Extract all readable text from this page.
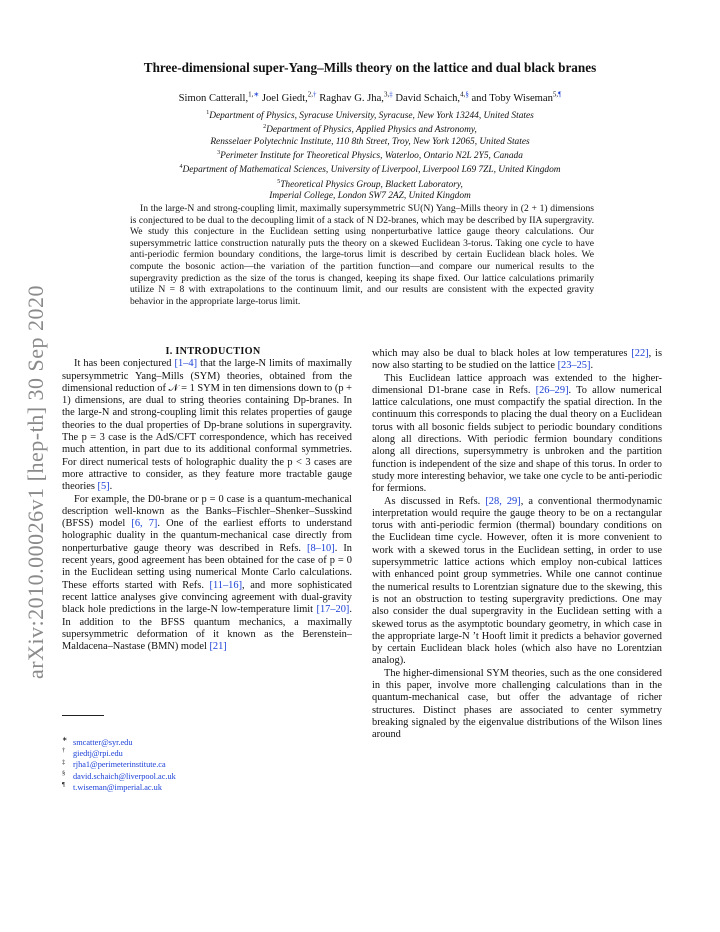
arXiv:2010.00026v1 [hep-th] 30 Sep 2020
Three-dimensional super-Yang–Mills theory on the lattice and dual black branes
Simon Catterall,$^{1,∗}$ Joel Giedt,$^{2,\dagger}$ Raghav G. Jha,$^{3,\ddagger}$ David Schaich,$^{4,\S}$ and Toby Wiseman$^{5,\P}$
$^1$Department of Physics, Syracuse University, Syracuse, New York 13244, United States
$^2$Department of Physics, Applied Physics and Astronomy,
Rensselaer Polytechnic Institute, 110 8th Street, Troy, New York 12065, United States
$^3$Perimeter Institute for Theoretical Physics, Waterloo, Ontario N2L 2Y5, Canada
$^4$Department of Mathematical Sciences, University of Liverpool, Liverpool L69 7ZL, United Kingdom
$^5$Theoretical Physics Group, Blackett Laboratory,
Imperial College, London SW7 2AZ, United Kingdom
In the large-N and strong-coupling limit, maximally supersymmetric SU(N) Yang–Mills theory in (2 + 1) dimensions is conjectured to be dual to the decoupling limit of a stack of N D2-branes, which may be described by IIA supergravity. We study this conjecture in the Euclidean setting using nonperturbative lattice gauge theory calculations. Our supersymmetric lattice construction naturally puts the theory on a skewed Euclidean 3-torus. Taking one cycle to have anti-periodic fermion boundary conditions, the large-torus limit is described by certain Euclidean black holes. We compute the bosonic action—the variation of the partition function—and compare our numerical results to the supergravity prediction as the size of the torus is changed, keeping its shape fixed. Our lattice calculations primarily utilize N = 8 with extrapolations to the continuum limit, and our results are consistent with the expected gravity behavior in the appropriate large-torus limit.

I. INTRODUCTION

It has been conjectured [1–4] that the large-N limits of maximally supersymmetric Yang–Mills (SYM) theories, obtained from the dimensional reduction of 𝒩 = 1 SYM in ten dimensions down to (p + 1) dimensions, are dual to string theories containing Dp-branes. In the large-N and strong-coupling limit this relates properties of gauge theories to the dual properties of Dp-brane solutions in supergravity. The p = 3 case is the AdS/CFT correspondence, which has received much attention, in part due to its additional conformal symmetries. For direct numerical tests of holographic duality the p < 3 cases are more attractive to consider, as they feature more tractable gauge theories [5].

For example, the D0-brane or p = 0 case is a quantum-mechanical description well-known as the Banks–Fischler–Shenker–Susskind (BFSS) model [6, 7]. One of the earliest efforts to understand holographic duality in the quantum-mechanical case directly from nonperturbative gauge theory was described in Refs. [8–10]. In recent years, good agreement has been obtained for the case of p = 0 in the Euclidean setting using numerical Monte Carlo calculations. These efforts started with Refs. [11–16], and more sophisticated recent lattice analyses give convincing agreement with dual-gravity black hole predictions in the large-N low-temperature limit [17–20]. In addition to the BFSS quantum mechanics, a maximally supersymmetric deformation of it known as the Berenstein–Maldacena–Nastase (BMN) model [21]

which may also be dual to black holes at low temperatures [22], is now also starting to be studied on the lattice [23–25].

This Euclidean lattice approach was extended to the higher-dimensional D1-brane case in Refs. [26–29]. To allow numerical lattice calculations, one must compactify the spatial direction. In the continuum this corresponds to placing the dual theory on a Euclidean torus with all bosonic fields subject to periodic boundary conditions along all directions. With periodic fermion boundary conditions along all directions, supersymmetry is unbroken and the partition function is independent of the size and shape of this torus. In order to study more interesting behavior, we take one cycle to be anti-periodic for fermions.

As discussed in Refs. [28, 29], a conventional thermodynamic interpretation would require the gauge theory to be on a rectangular torus with anti-periodic fermion (thermal) boundary conditions on the Euclidean time cycle. However, often it is more convenient to work with a skewed torus in the Euclidean setting, in order to use supersymmetric lattice actions which employ non-cubical lattices with enhanced point group symmetries. While one cannot continue the numerical results to Lorentzian signature due to the skewing, this is not an obstruction to testing supergravity predictions. One may also consider the dual supergravity in the Euclidean setting with a skewed torus as the asymptotic boundary geometry, in which case in the appropriate large-N ’t Hooft limit it predicts a behavior governed by certain Euclidean black holes (which also have no Lorentzian analog).

The higher-dimensional SYM theories, such as the one considered in this paper, involve more challenging calculations than in the quantum-mechanical case, but offer the advantage of richer structures. Distinct phases are associated to center symmetry breaking signaled by the eigenvalue distributions of the Wilson lines around

∗ smcatter@syr.edu
† giedtj@rpi.edu
‡ rjha1@perimeterinstitute.ca
§ david.schaich@liverpool.ac.uk
¶ t.wiseman@imperial.ac.uk
